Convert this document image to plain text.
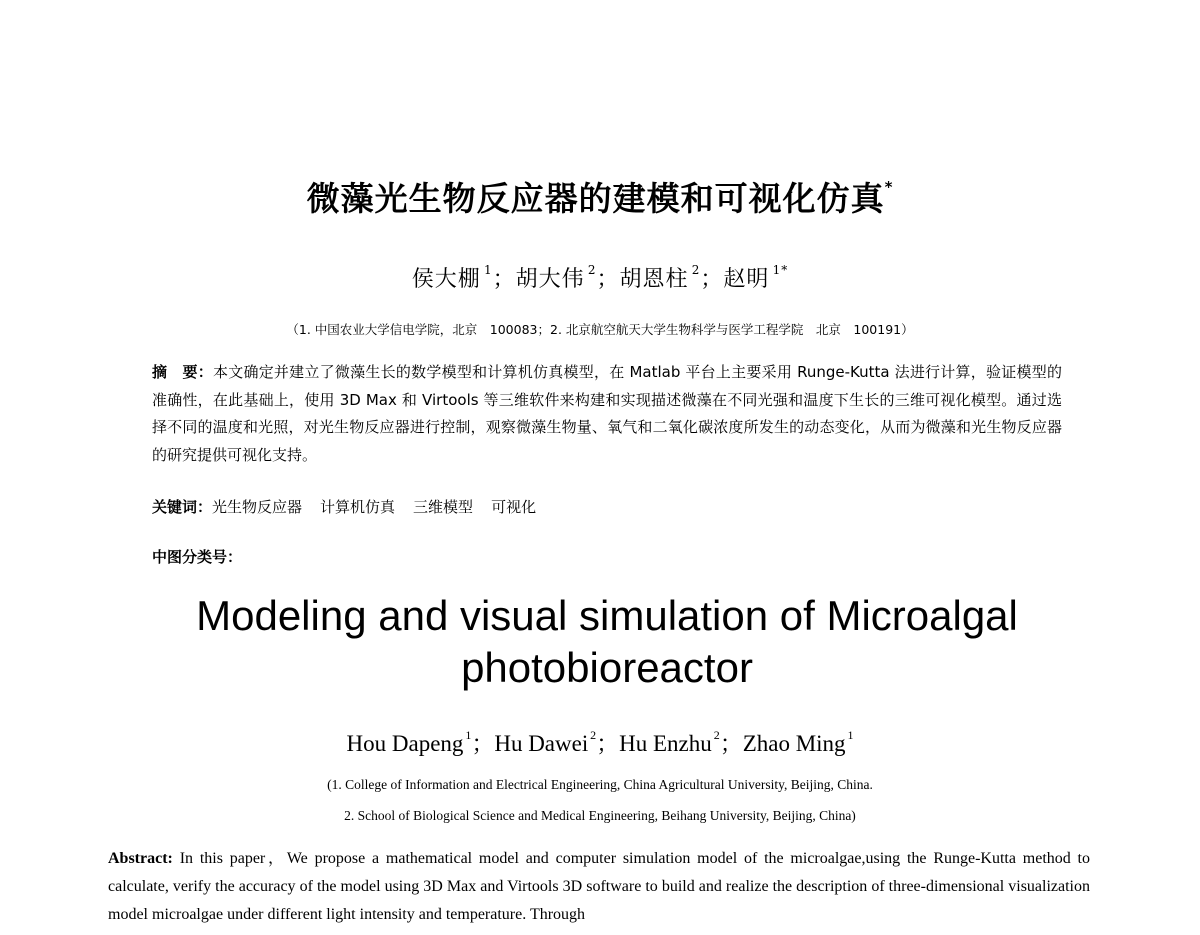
微藻光生物反应器的建模和可视化仿真*
侯大棚  $^1$；胡大伟  $^2$；胡恩柱  $^2$；赵明  $^{1*}$
（1. 中国农业大学信电学院，北京　100083；2. 北京航空航天大学生物科学与医学工程学院　北京　100191）
摘　要：本文确定并建立了微藻生长的数学模型和计算机仿真模型，在 Matlab 平台上主要采用 Runge-Kutta 法进行计算，验证模型的准确性，在此基础上，使用 3D Max 和 Virtools 等三维软件来构建和实现描述微藻在不同光强和温度下生长的三维可视化模型。通过选择不同的温度和光照，对光生物反应器进行控制，观察微藻生物量、氧气和二氧化碳浓度所发生的动态变化，从而为微藻和光生物反应器的研究提供可视化支持。
关键词：光生物反应器 计算机仿真 三维模型 可视化
中图分类号：
Modeling and visual simulation of Microalgal photobioreactor
Hou Dapeng  $^1$；Hu Dawei  $^2$；Hu Enzhu  $^2$；Zhao Ming  $^1$
(1. College of Information and Electrical Engineering, China Agricultural University, Beijing, China.
2. School of Biological Science and Medical Engineering, Beihang University, Beijing, China)
Abstract: In this paper，We propose a mathematical model and computer simulation model of the microalgae,using the Runge-Kutta method to calculate, verify the accuracy of the model using 3D Max and Virtools 3D software to build and realize the description of three-dimensional visualization model microalgae under different light intensity and temperature. Through
